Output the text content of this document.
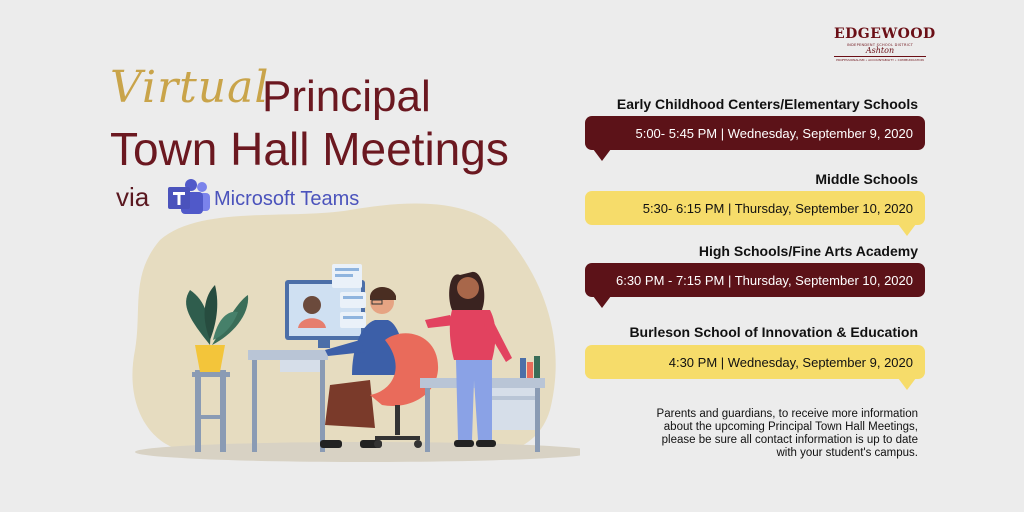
EDGEWOOD
INDEPENDENT SCHOOL DISTRICT
Ashton
PROFESSIONALISM • ACCOUNTABILITY • COMMUNICATION
Virtual
Principal
Town Hall Meetings
via	Microsoft Teams
Early Childhood Centers/Elementary Schools
5:00- 5:45 PM | Wednesday, September 9, 2020
Middle Schools
5:30- 6:15 PM | Thursday, September 10, 2020
High Schools/Fine Arts Academy
6:30 PM - 7:15 PM | Thursday, September 10, 2020
Burleson School of Innovation & Education
4:30 PM | Wednesday, September 9, 2020
Parents and guardians, to receive more information
about the upcoming Principal Town Hall Meetings,
please be sure all contact information is up to date
with your student's campus.
